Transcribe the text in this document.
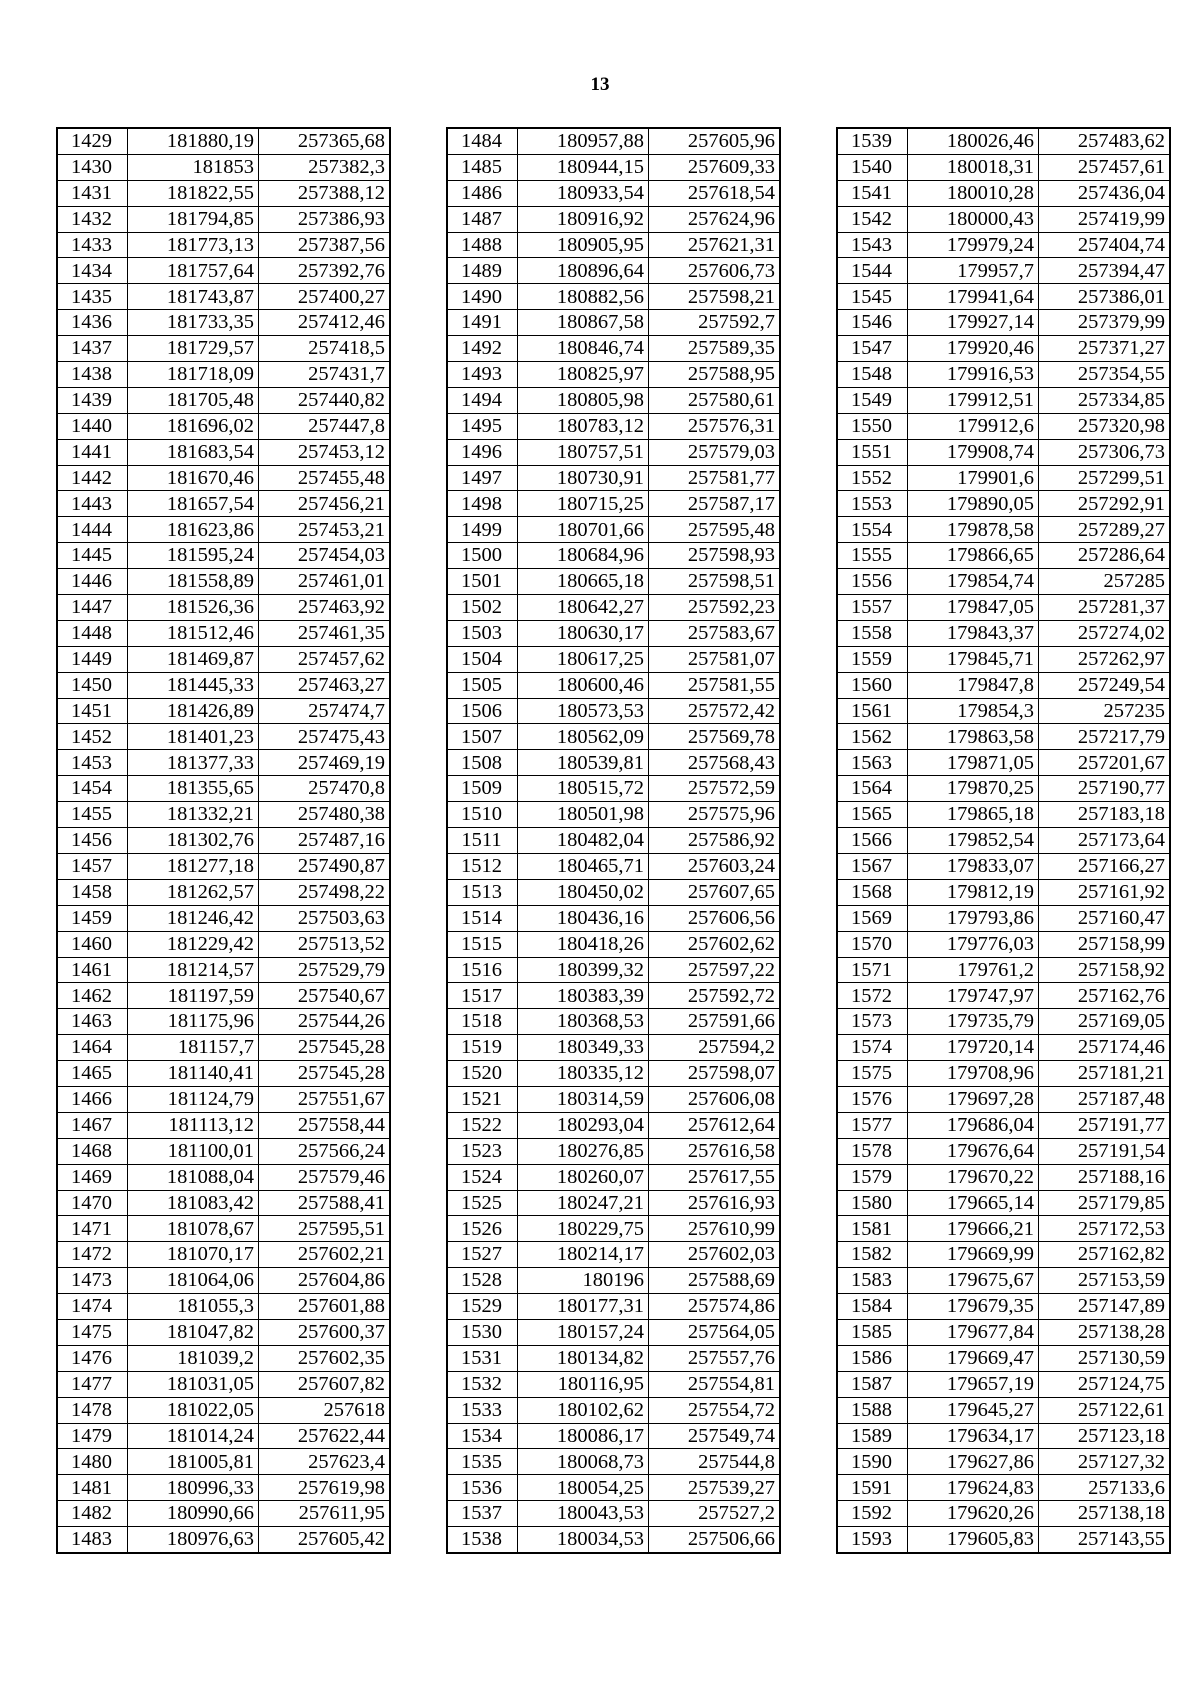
13
1429	181880,19	257365,68
1430	181853	257382,3
1431	181822,55	257388,12
1432	181794,85	257386,93
1433	181773,13	257387,56
1434	181757,64	257392,76
1435	181743,87	257400,27
1436	181733,35	257412,46
1437	181729,57	257418,5
1438	181718,09	257431,7
1439	181705,48	257440,82
1440	181696,02	257447,8
1441	181683,54	257453,12
1442	181670,46	257455,48
1443	181657,54	257456,21
1444	181623,86	257453,21
1445	181595,24	257454,03
1446	181558,89	257461,01
1447	181526,36	257463,92
1448	181512,46	257461,35
1449	181469,87	257457,62
1450	181445,33	257463,27
1451	181426,89	257474,7
1452	181401,23	257475,43
1453	181377,33	257469,19
1454	181355,65	257470,8
1455	181332,21	257480,38
1456	181302,76	257487,16
1457	181277,18	257490,87
1458	181262,57	257498,22
1459	181246,42	257503,63
1460	181229,42	257513,52
1461	181214,57	257529,79
1462	181197,59	257540,67
1463	181175,96	257544,26
1464	181157,7	257545,28
1465	181140,41	257545,28
1466	181124,79	257551,67
1467	181113,12	257558,44
1468	181100,01	257566,24
1469	181088,04	257579,46
1470	181083,42	257588,41
1471	181078,67	257595,51
1472	181070,17	257602,21
1473	181064,06	257604,86
1474	181055,3	257601,88
1475	181047,82	257600,37
1476	181039,2	257602,35
1477	181031,05	257607,82
1478	181022,05	257618
1479	181014,24	257622,44
1480	181005,81	257623,4
1481	180996,33	257619,98
1482	180990,66	257611,95
1483	180976,63	257605,42
1484	180957,88	257605,96
1485	180944,15	257609,33
1486	180933,54	257618,54
1487	180916,92	257624,96
1488	180905,95	257621,31
1489	180896,64	257606,73
1490	180882,56	257598,21
1491	180867,58	257592,7
1492	180846,74	257589,35
1493	180825,97	257588,95
1494	180805,98	257580,61
1495	180783,12	257576,31
1496	180757,51	257579,03
1497	180730,91	257581,77
1498	180715,25	257587,17
1499	180701,66	257595,48
1500	180684,96	257598,93
1501	180665,18	257598,51
1502	180642,27	257592,23
1503	180630,17	257583,67
1504	180617,25	257581,07
1505	180600,46	257581,55
1506	180573,53	257572,42
1507	180562,09	257569,78
1508	180539,81	257568,43
1509	180515,72	257572,59
1510	180501,98	257575,96
1511	180482,04	257586,92
1512	180465,71	257603,24
1513	180450,02	257607,65
1514	180436,16	257606,56
1515	180418,26	257602,62
1516	180399,32	257597,22
1517	180383,39	257592,72
1518	180368,53	257591,66
1519	180349,33	257594,2
1520	180335,12	257598,07
1521	180314,59	257606,08
1522	180293,04	257612,64
1523	180276,85	257616,58
1524	180260,07	257617,55
1525	180247,21	257616,93
1526	180229,75	257610,99
1527	180214,17	257602,03
1528	180196	257588,69
1529	180177,31	257574,86
1530	180157,24	257564,05
1531	180134,82	257557,76
1532	180116,95	257554,81
1533	180102,62	257554,72
1534	180086,17	257549,74
1535	180068,73	257544,8
1536	180054,25	257539,27
1537	180043,53	257527,2
1538	180034,53	257506,66
1539	180026,46	257483,62
1540	180018,31	257457,61
1541	180010,28	257436,04
1542	180000,43	257419,99
1543	179979,24	257404,74
1544	179957,7	257394,47
1545	179941,64	257386,01
1546	179927,14	257379,99
1547	179920,46	257371,27
1548	179916,53	257354,55
1549	179912,51	257334,85
1550	179912,6	257320,98
1551	179908,74	257306,73
1552	179901,6	257299,51
1553	179890,05	257292,91
1554	179878,58	257289,27
1555	179866,65	257286,64
1556	179854,74	257285
1557	179847,05	257281,37
1558	179843,37	257274,02
1559	179845,71	257262,97
1560	179847,8	257249,54
1561	179854,3	257235
1562	179863,58	257217,79
1563	179871,05	257201,67
1564	179870,25	257190,77
1565	179865,18	257183,18
1566	179852,54	257173,64
1567	179833,07	257166,27
1568	179812,19	257161,92
1569	179793,86	257160,47
1570	179776,03	257158,99
1571	179761,2	257158,92
1572	179747,97	257162,76
1573	179735,79	257169,05
1574	179720,14	257174,46
1575	179708,96	257181,21
1576	179697,28	257187,48
1577	179686,04	257191,77
1578	179676,64	257191,54
1579	179670,22	257188,16
1580	179665,14	257179,85
1581	179666,21	257172,53
1582	179669,99	257162,82
1583	179675,67	257153,59
1584	179679,35	257147,89
1585	179677,84	257138,28
1586	179669,47	257130,59
1587	179657,19	257124,75
1588	179645,27	257122,61
1589	179634,17	257123,18
1590	179627,86	257127,32
1591	179624,83	257133,6
1592	179620,26	257138,18
1593	179605,83	257143,55
